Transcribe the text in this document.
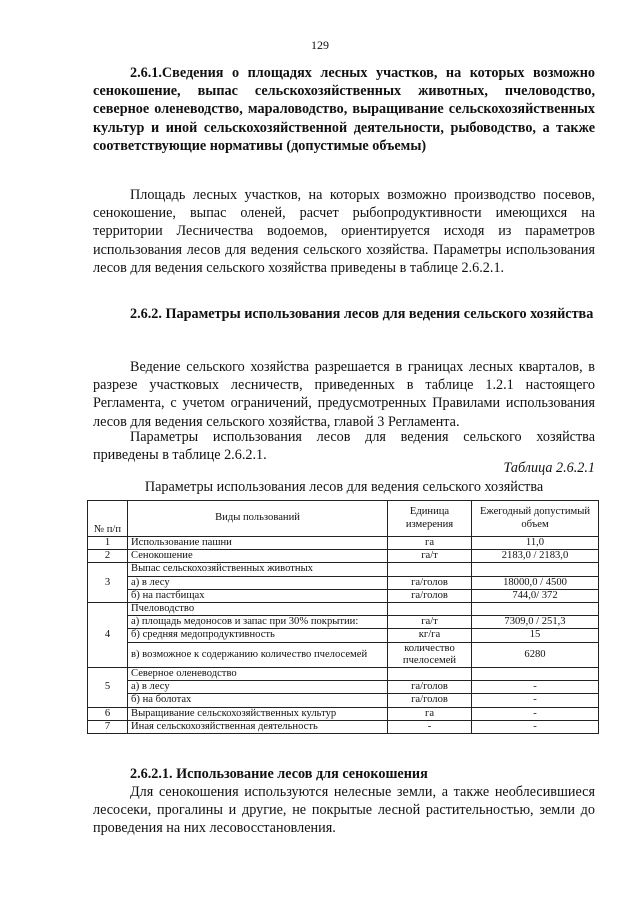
129
2.6.1.Сведения о площадях лесных участков, на которых возможно сенокошение, выпас сельскохозяйственных животных, пчеловодство, северное оленеводство, мараловодство, выращивание сельскохозяйственных культур и иной сельскохозяйственной деятельности, рыбоводство, а также соответствующие нормативы (допустимые объемы)
Площадь лесных участков, на которых возможно производство посевов, сенокошение, выпас оленей, расчет рыбопродуктивности имеющихся на территории Лесничества водоемов, ориентируется исходя из параметров использования лесов для ведения сельского хозяйства. Параметры использования лесов для ведения сельского хозяйства приведены в таблице 2.6.2.1.
2.6.2. Параметры использования лесов для ведения сельского хозяйства
Ведение сельского хозяйства разрешается в границах лесных кварталов, в разрезе участковых лесничеств, приведенных в таблице 1.2.1 настоящего Регламента, с учетом ограничений, предусмотренных Правилами использования лесов для ведения сельского хозяйства, главой 3 Регламента.
Параметры использования лесов для ведения сельского хозяйства приведены в таблице 2.6.2.1.
Таблица 2.6.2.1
Параметры использования лесов для ведения сельского хозяйства
№ п/п	Виды пользований	Единица измерения	Ежегодный допустимый объем
1	Использование пашни	га	11,0
2	Сенокошение	га/т	2183,0 / 2183,0
3	Выпас сельскохозяйственных животных		
	а) в лесу	га/голов	18000,0 / 4500
	б) на пастбищах	га/голов	744,0/ 372
4	Пчеловодство		
	а) площадь медоносов и запас при 30% покрытии:	га/т	7309,0 / 251,3
	б) средняя медопродуктивность	кг/га	15
	в) возможное к содержанию количество пчелосемей	количество пчелосемей	6280
5	Северное оленеводство		
	а) в лесу	га/голов	-
	б) на болотах	га/голов	-
6	Выращивание сельскохозяйственных культур	га	-
7	Иная сельскохозяйственная деятельность	-	-
2.6.2.1. Использование лесов для сенокошения
Для сенокошения используются нелесные земли, а также необлесившиеся лесосеки, прогалины и другие, не покрытые лесной растительностью, земли до проведения на них лесовосстановления.
